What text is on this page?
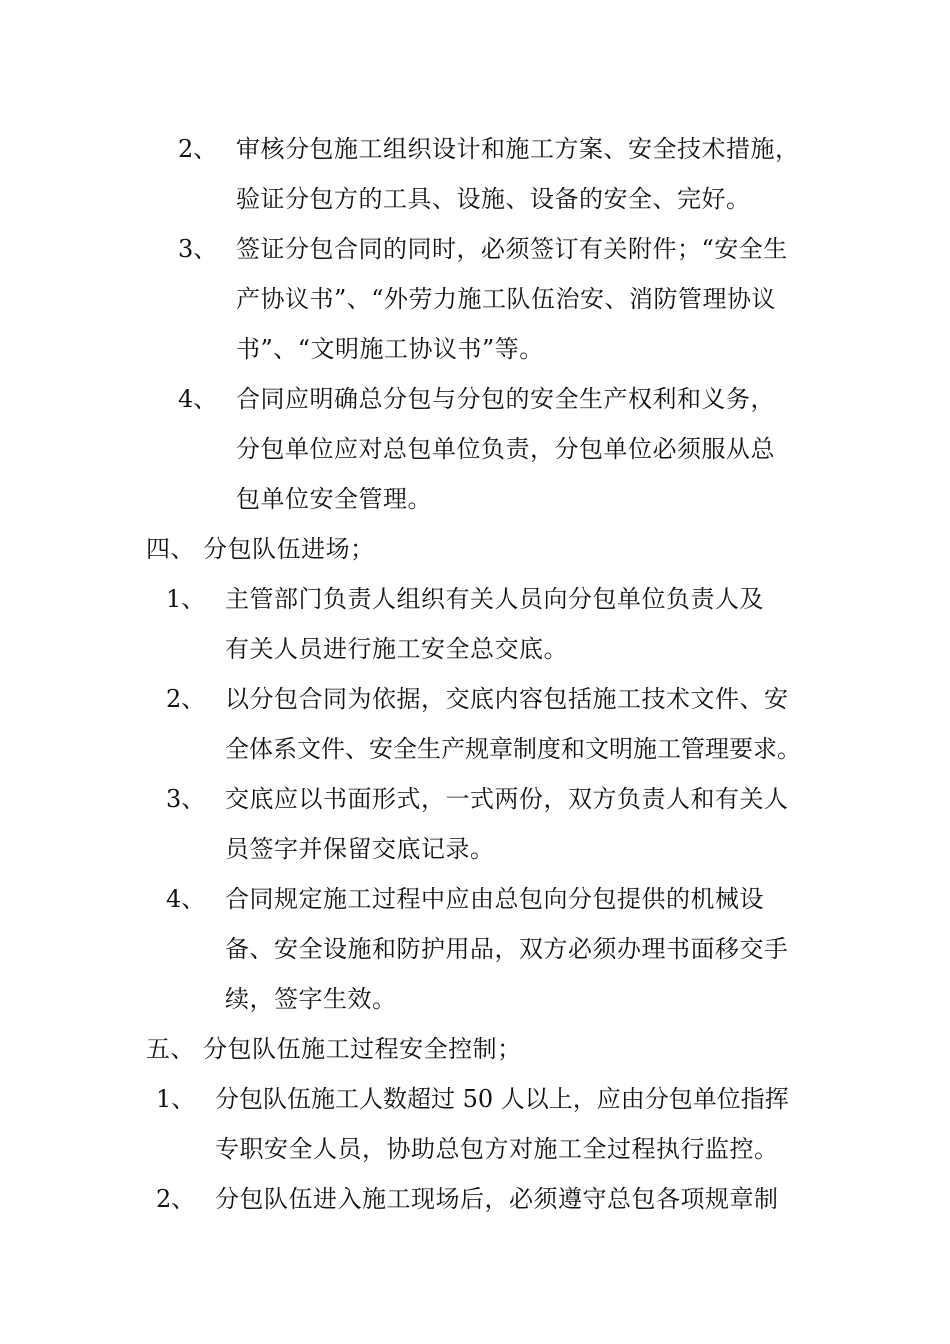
2、 审核分包施工组织设计和施工方案、安全技术措施，
验证分包方的工具、设施、设备的安全、完好。
3、 签证分包合同的同时，必须签订有关附件；“安全生
产协议书”、“外劳力施工队伍治安、消防管理协议
书”、“文明施工协议书”等。
4、 合同应明确总分包与分包的安全生产权利和义务，
分包单位应对总包单位负责，分包单位必须服从总
包单位安全管理。
四、 分包队伍进场；
1、 主管部门负责人组织有关人员向分包单位负责人及
有关人员进行施工安全总交底。
2、 以分包合同为依据，交底内容包括施工技术文件、安
全体系文件、安全生产规章制度和文明施工管理要求。
3、 交底应以书面形式，一式两份，双方负责人和有关人
员签字并保留交底记录。
4、 合同规定施工过程中应由总包向分包提供的机械设
备、安全设施和防护用品，双方必须办理书面移交手
续，签字生效。
五、 分包队伍施工过程安全控制；
1、 分包队伍施工人数超过 50 人以上，应由分包单位指挥
专职安全人员，协助总包方对施工全过程执行监控。
2、 分包队伍进入施工现场后，必须遵守总包各项规章制
